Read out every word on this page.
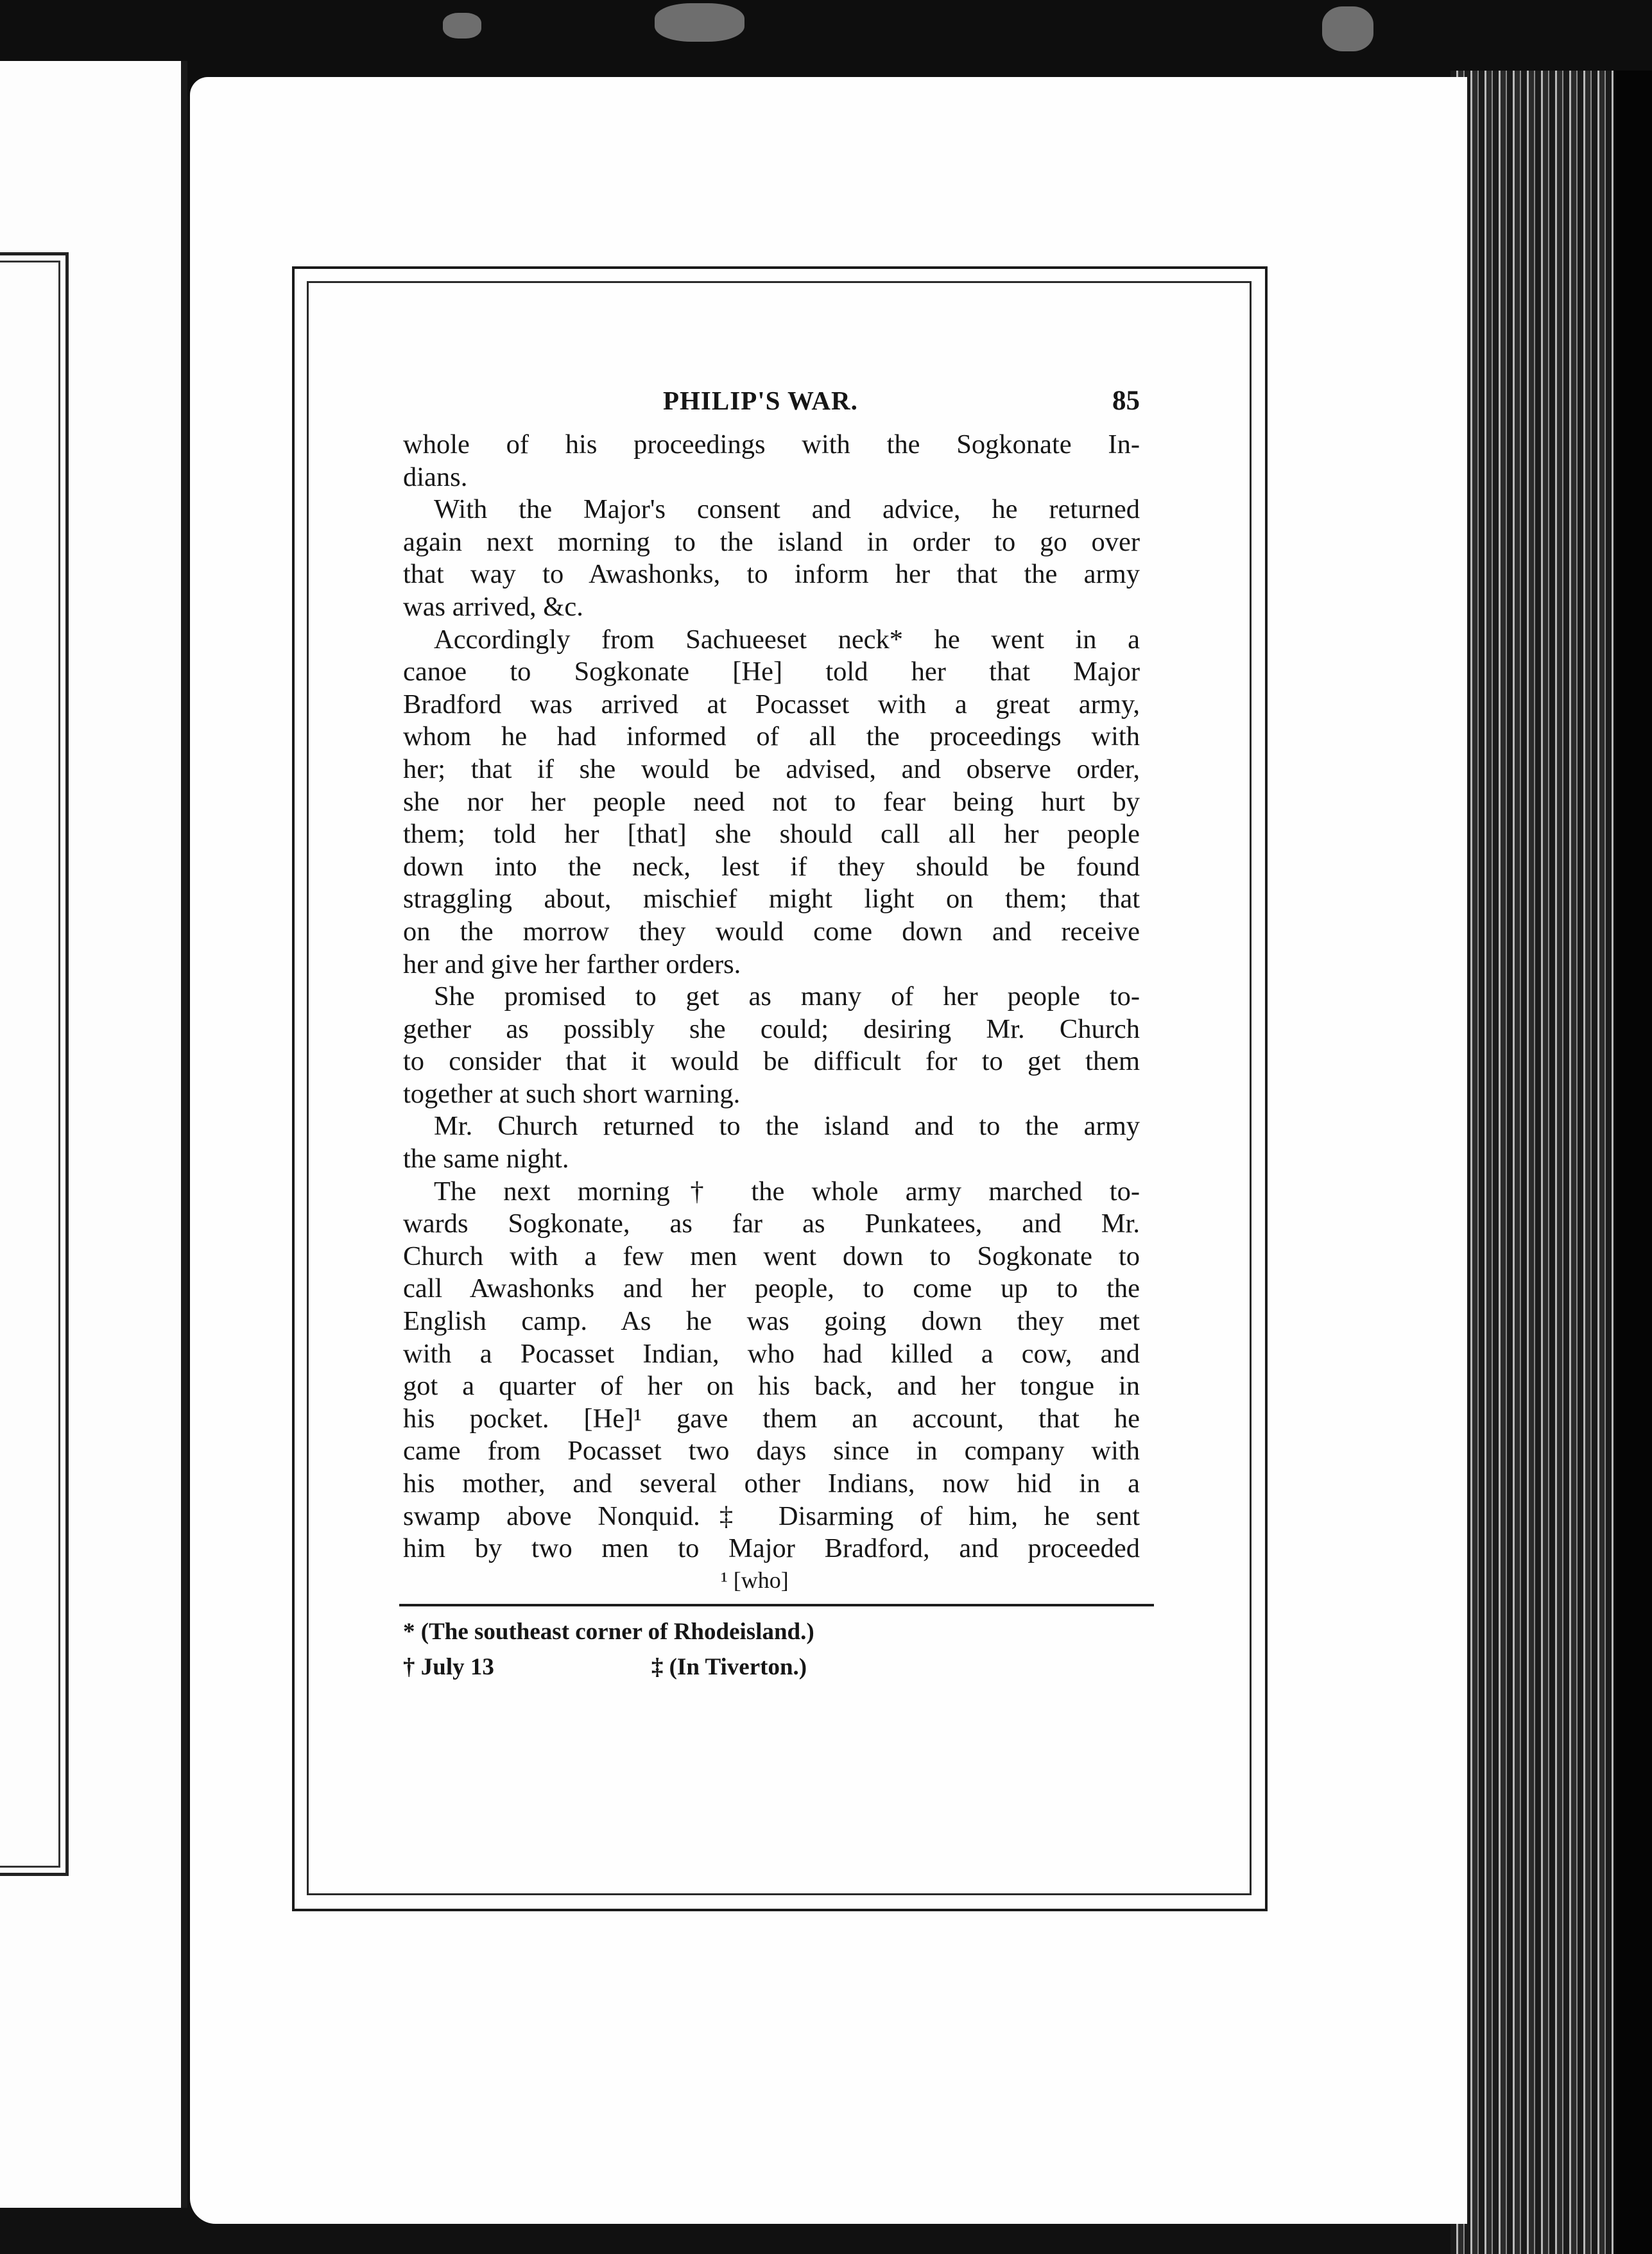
PHILIP'S WAR.	85

whole of his proceedings with the Sogkonate In-

dians.

With the Major's consent and advice, he returned

again next morning to the island in order to go over

that way to Awashonks, to inform her that the army

was arrived, &c.

Accordingly from Sachueeset neck* he went in a

canoe to Sogkonate [He] told her that Major

Bradford was arrived at Pocasset with a great army,

whom he had informed of all the proceedings with

her; that if she would be advised, and observe order,

she nor her people need not to fear being hurt by

them; told her [that] she should call all her people

down into the neck, lest if they should be found

straggling about, mischief might light on them; that

on the morrow they would come down and receive

her and give her farther orders.

She promised to get as many of her people to-

gether as possibly she could; desiring Mr. Church

to consider that it would be difficult for to get them

together at such short warning.

Mr. Church returned to the island and to the army

the same night.

The next morning† the whole army marched to-

wards Sogkonate, as far as Punkatees, and Mr.

Church with a few men went down to Sogkonate to

call Awashonks and her people, to come up to the

English camp. As he was going down they met

with a Pocasset Indian, who had killed a cow, and

got a quarter of her on his back, and her tongue in

his pocket. [He]¹ gave them an account, that he

came from Pocasset two days since in company with

his mother, and several other Indians, now hid in a

swamp above Nonquid.‡ Disarming of him, he sent

him by two men to Major Bradford, and proceeded

¹ [who]
* (The southeast corner of Rhodeisland.)
† July 13	‡ (In Tiverton.)
